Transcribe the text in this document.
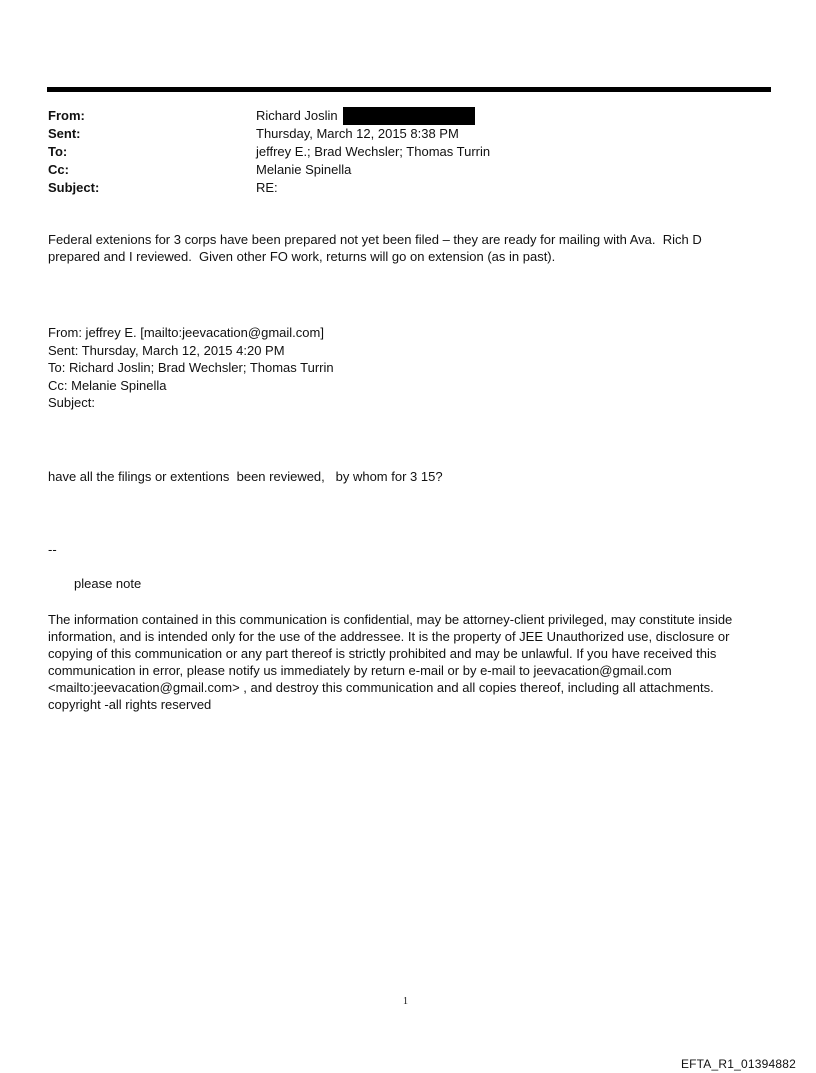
From:	Richard Joslin
Sent:	Thursday, March 12, 2015 8:38 PM
To:	jeffrey E.; Brad Wechsler; Thomas Turrin
Cc:	Melanie Spinella
Subject:	RE:
Federal extenions for 3 corps have been prepared not yet been filed – they are ready for mailing with Ava.  Rich D prepared and I reviewed.  Given other FO work, returns will go on extension (as in past).
From: jeffrey E. [mailto:jeevacation@gmail.com]
Sent: Thursday, March 12, 2015 4:20 PM
To: Richard Joslin; Brad Wechsler; Thomas Turrin
Cc: Melanie Spinella
Subject:
have all the filings or extentions  been reviewed,   by whom for 3 15?
--
please note
The information contained in this communication is confidential, may be attorney-client privileged, may constitute inside information, and is intended only for the use of the addressee. It is the property of JEE Unauthorized use, disclosure or copying of this communication or any part thereof is strictly prohibited and may be unlawful. If you have received this communication in error, please notify us immediately by return e-mail or by e-mail to jeevacation@gmail.com <mailto:jeevacation@gmail.com> , and destroy this communication and all copies thereof, including all attachments. copyright -all rights reserved
1
EFTA_R1_01394882
